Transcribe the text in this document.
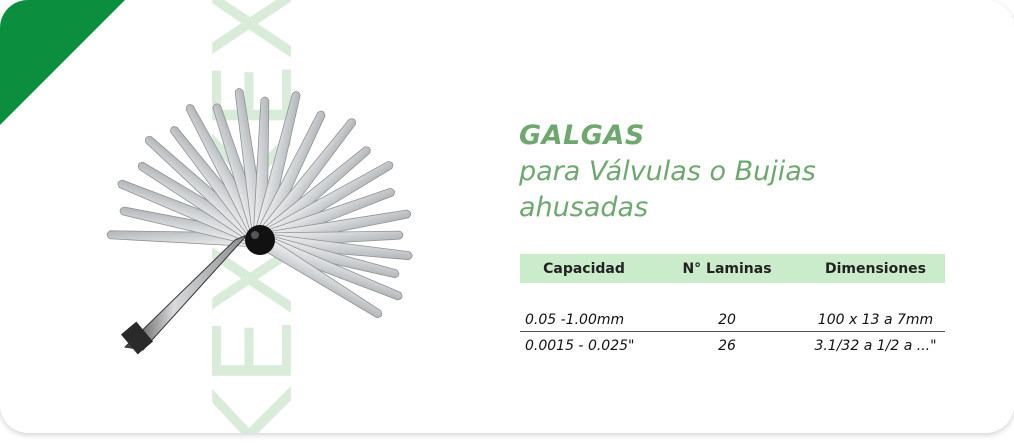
KEX KEX	GALGAS
para Válvulas o Bujias
ahusadas
Capacidad	N° Laminas	Dimensiones
0.05 -1.00mm	20	100 x 13 a 7mm
0.0015 - 0.025"	26	3.1/32 a 1/2 a ..."
